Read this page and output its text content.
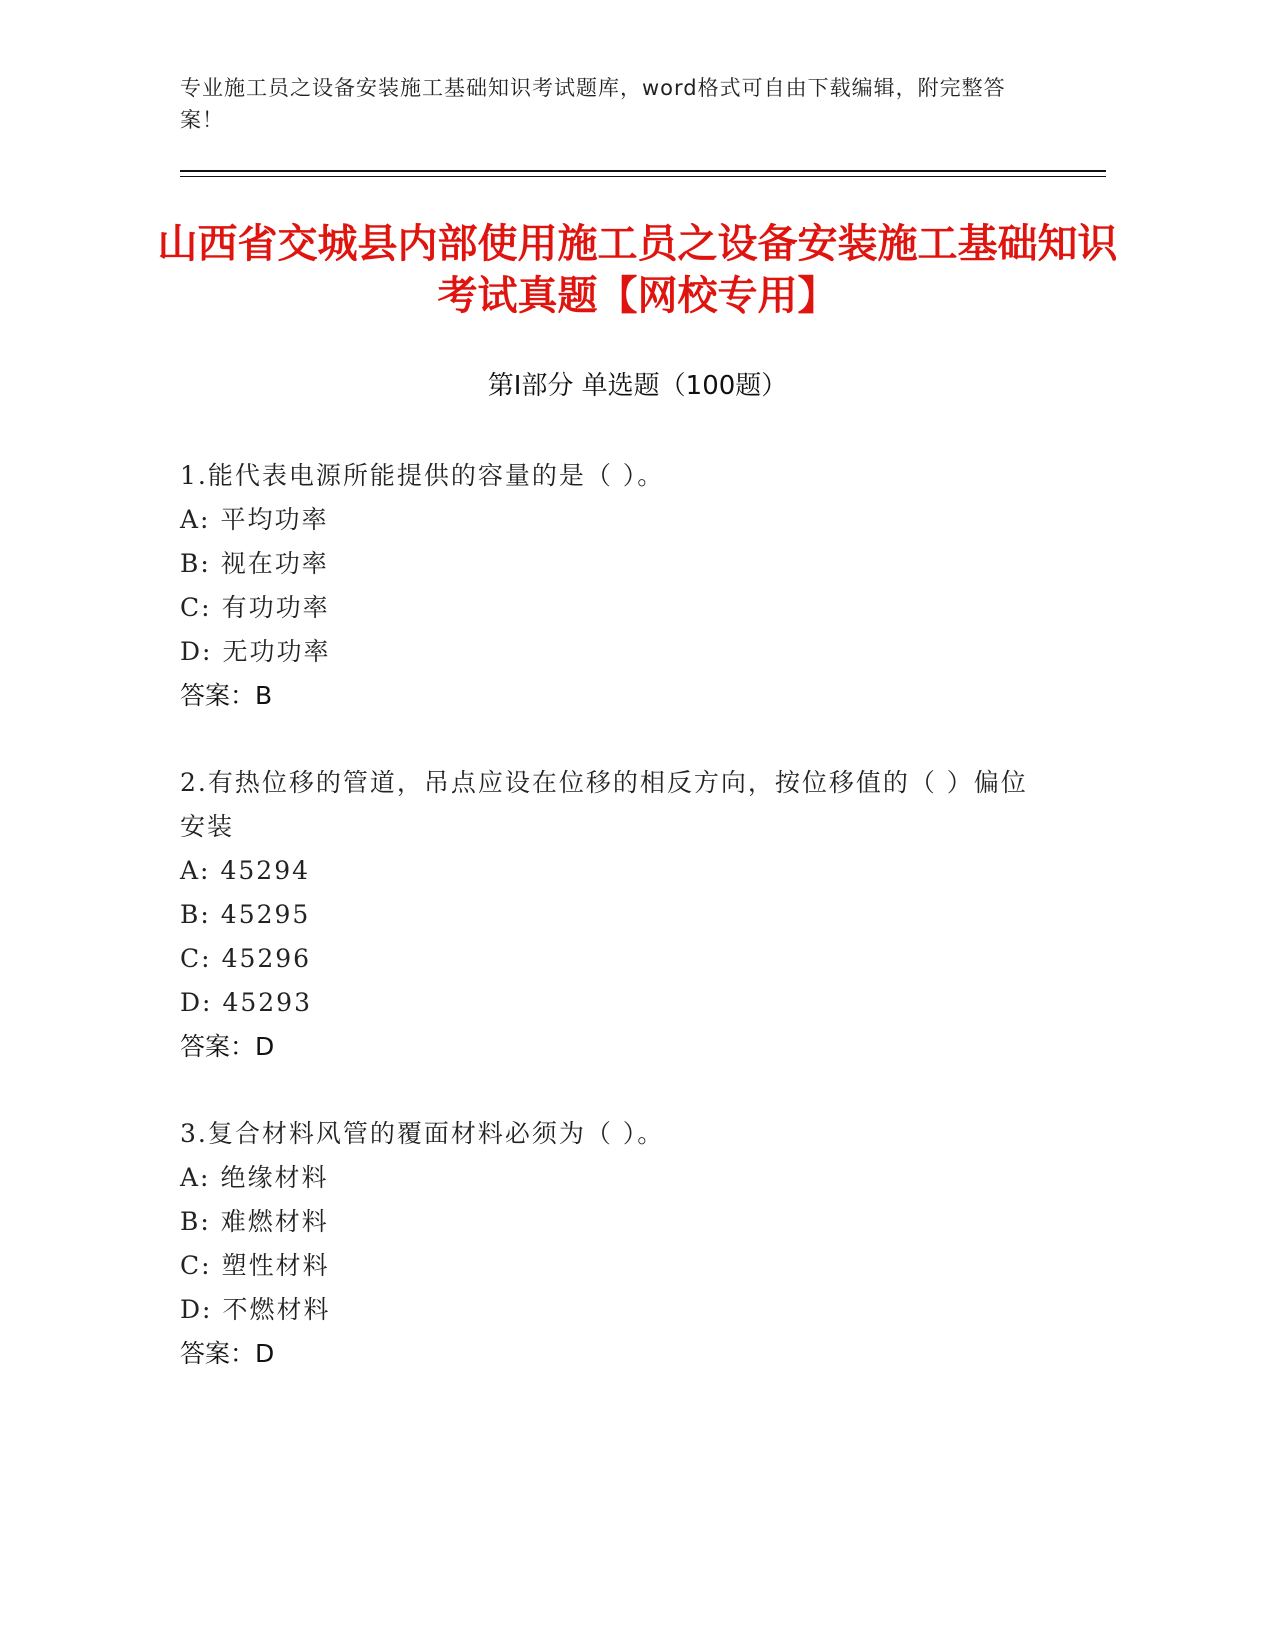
专业施工员之设备安装施工基础知识考试题库，word格式可自由下载编辑，附完整答案！
山西省交城县内部使用施工员之设备安装施工基础知识考试真题【网校专用】
第I部分 单选题（100题）
1.能代表电源所能提供的容量的是（ ）。
A: 平均功率
B: 视在功率
C: 有功功率
D: 无功功率
答案：B
2.有热位移的管道，吊点应设在位移的相反方向，按位移值的（ ）偏位安装
A: 45294
B: 45295
C: 45296
D: 45293
答案：D
3.复合材料风管的覆面材料必须为（ ）。
A: 绝缘材料
B: 难燃材料
C: 塑性材料
D: 不燃材料
答案：D
